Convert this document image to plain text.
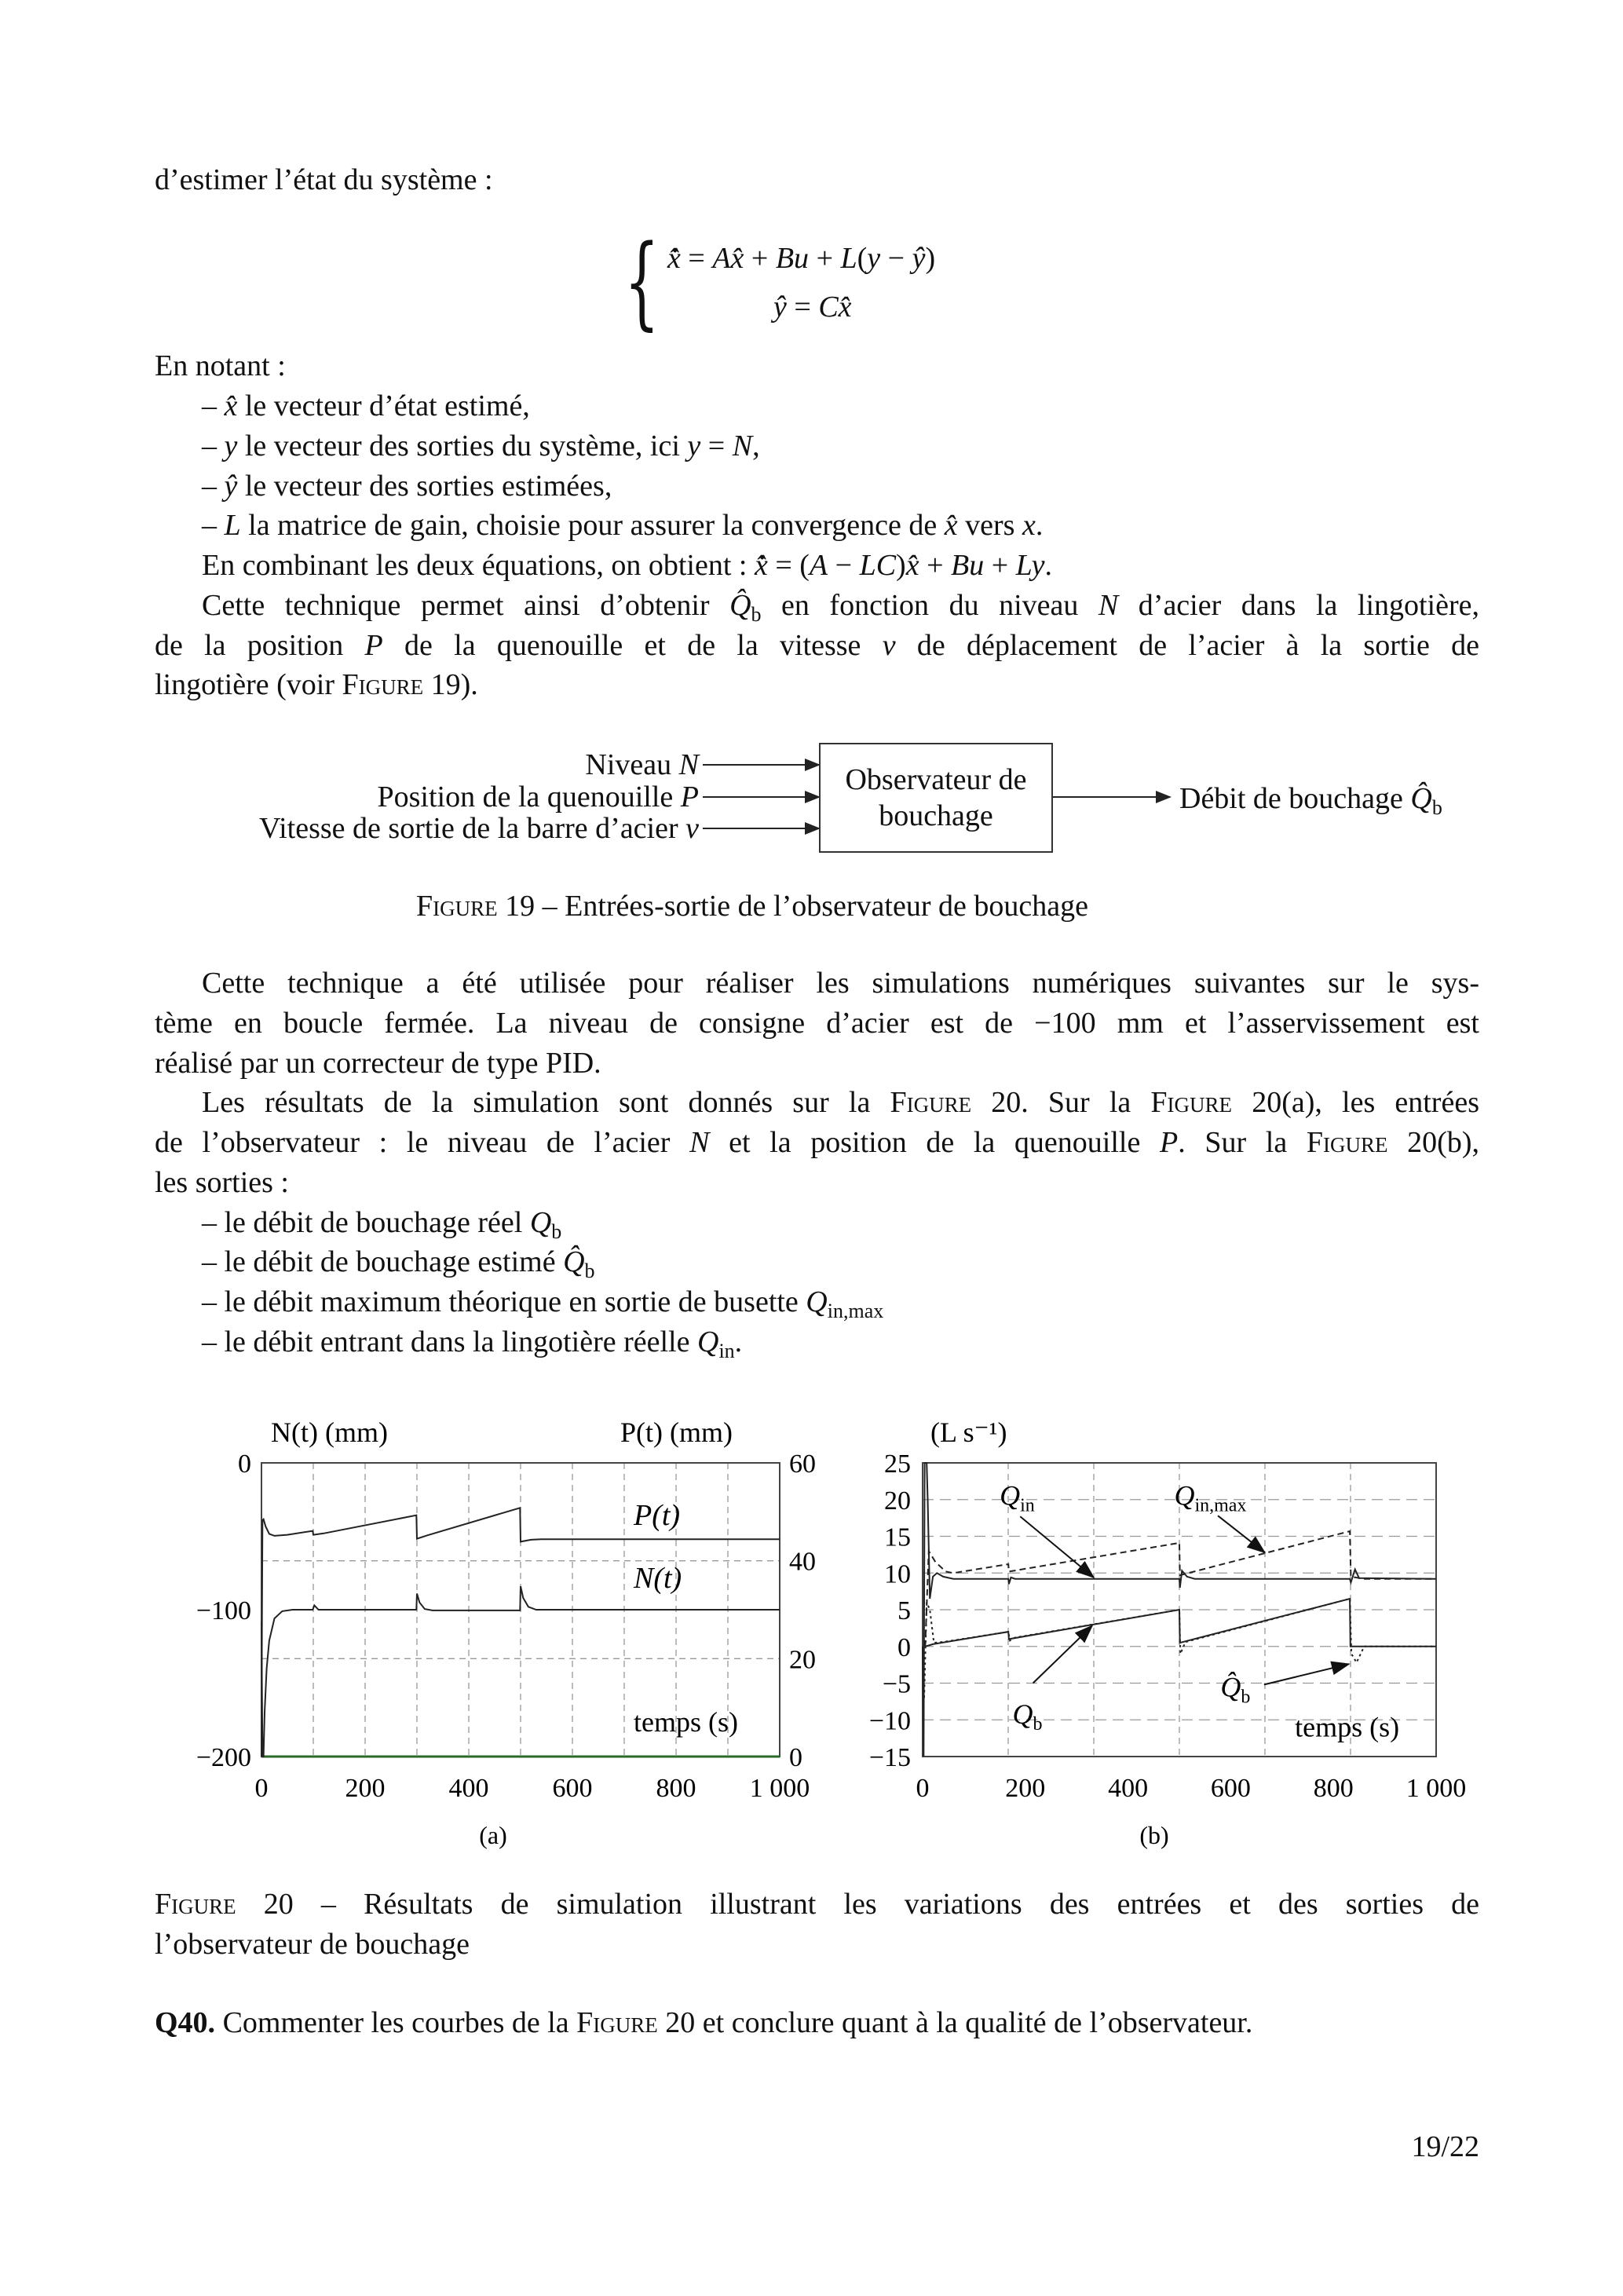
d’estimer l’état du système :
{ x̂̇ = Ax̂ + Bu + L(y − ŷ)
ŷ = Cx̂
En notant :
– x̂ le vecteur d’état estimé,
– y le vecteur des sorties du système, ici y = N,
– ŷ le vecteur des sorties estimées,
– L la matrice de gain, choisie pour assurer la convergence de x̂ vers x.
En combinant les deux équations, on obtient : x̂̇ = (A − LC)x̂ + Bu + Ly.
Cette technique permet ainsi d’obtenir $Q̂_b$ en fonction du niveau N d’acier dans la lingotière,
de la position P de la quenouille et de la vitesse v de déplacement de l’acier à la sortie de
lingotière (voir Figure 19).
Niveau N
Position de la quenouille P
Vitesse de sortie de la barre d’acier v
Observateur de
bouchage
Débit de bouchage $Q̂_b$
Figure 19 – Entrées-sortie de l’observateur de bouchage
Cette technique a été utilisée pour réaliser les simulations numériques suivantes sur le sys-
tème en boucle fermée. La niveau de consigne d’acier est de −100 mm et l’asservissement est
réalisé par un correcteur de type PID.
Les résultats de la simulation sont donnés sur la Figure 20. Sur la Figure 20(a), les entrées
de l’observateur : le niveau de l’acier N et la position de la quenouille P. Sur la Figure 20(b),
les sorties :
– le débit de bouchage réel $Q_b$
– le débit de bouchage estimé $Q̂_b$
– le débit maximum théorique en sortie de busette $Q_{in,max}$
– le débit entrant dans la lingotière réelle $Q_{in}$.
0	200 400 600 800 1 000
0
−100
−200
60
40
20
0
N(t) (mm)	P(t) (mm)
P(t)
N(t)
temps (s)
(a)
0	200 400 600 800 1 000
25
20
15
10
5
0
−5
−10
−15
(L s⁻¹)
$Q_{in}$	$Q_{in,max}$
$Q_b$
$Q̂_b$
temps (s)
(b)
Figure 20 – Résultats de simulation illustrant les variations des entrées et des sorties de
l’observateur de bouchage
Q40. Commenter les courbes de la Figure 20 et conclure quant à la qualité de l’observateur.
19/22
